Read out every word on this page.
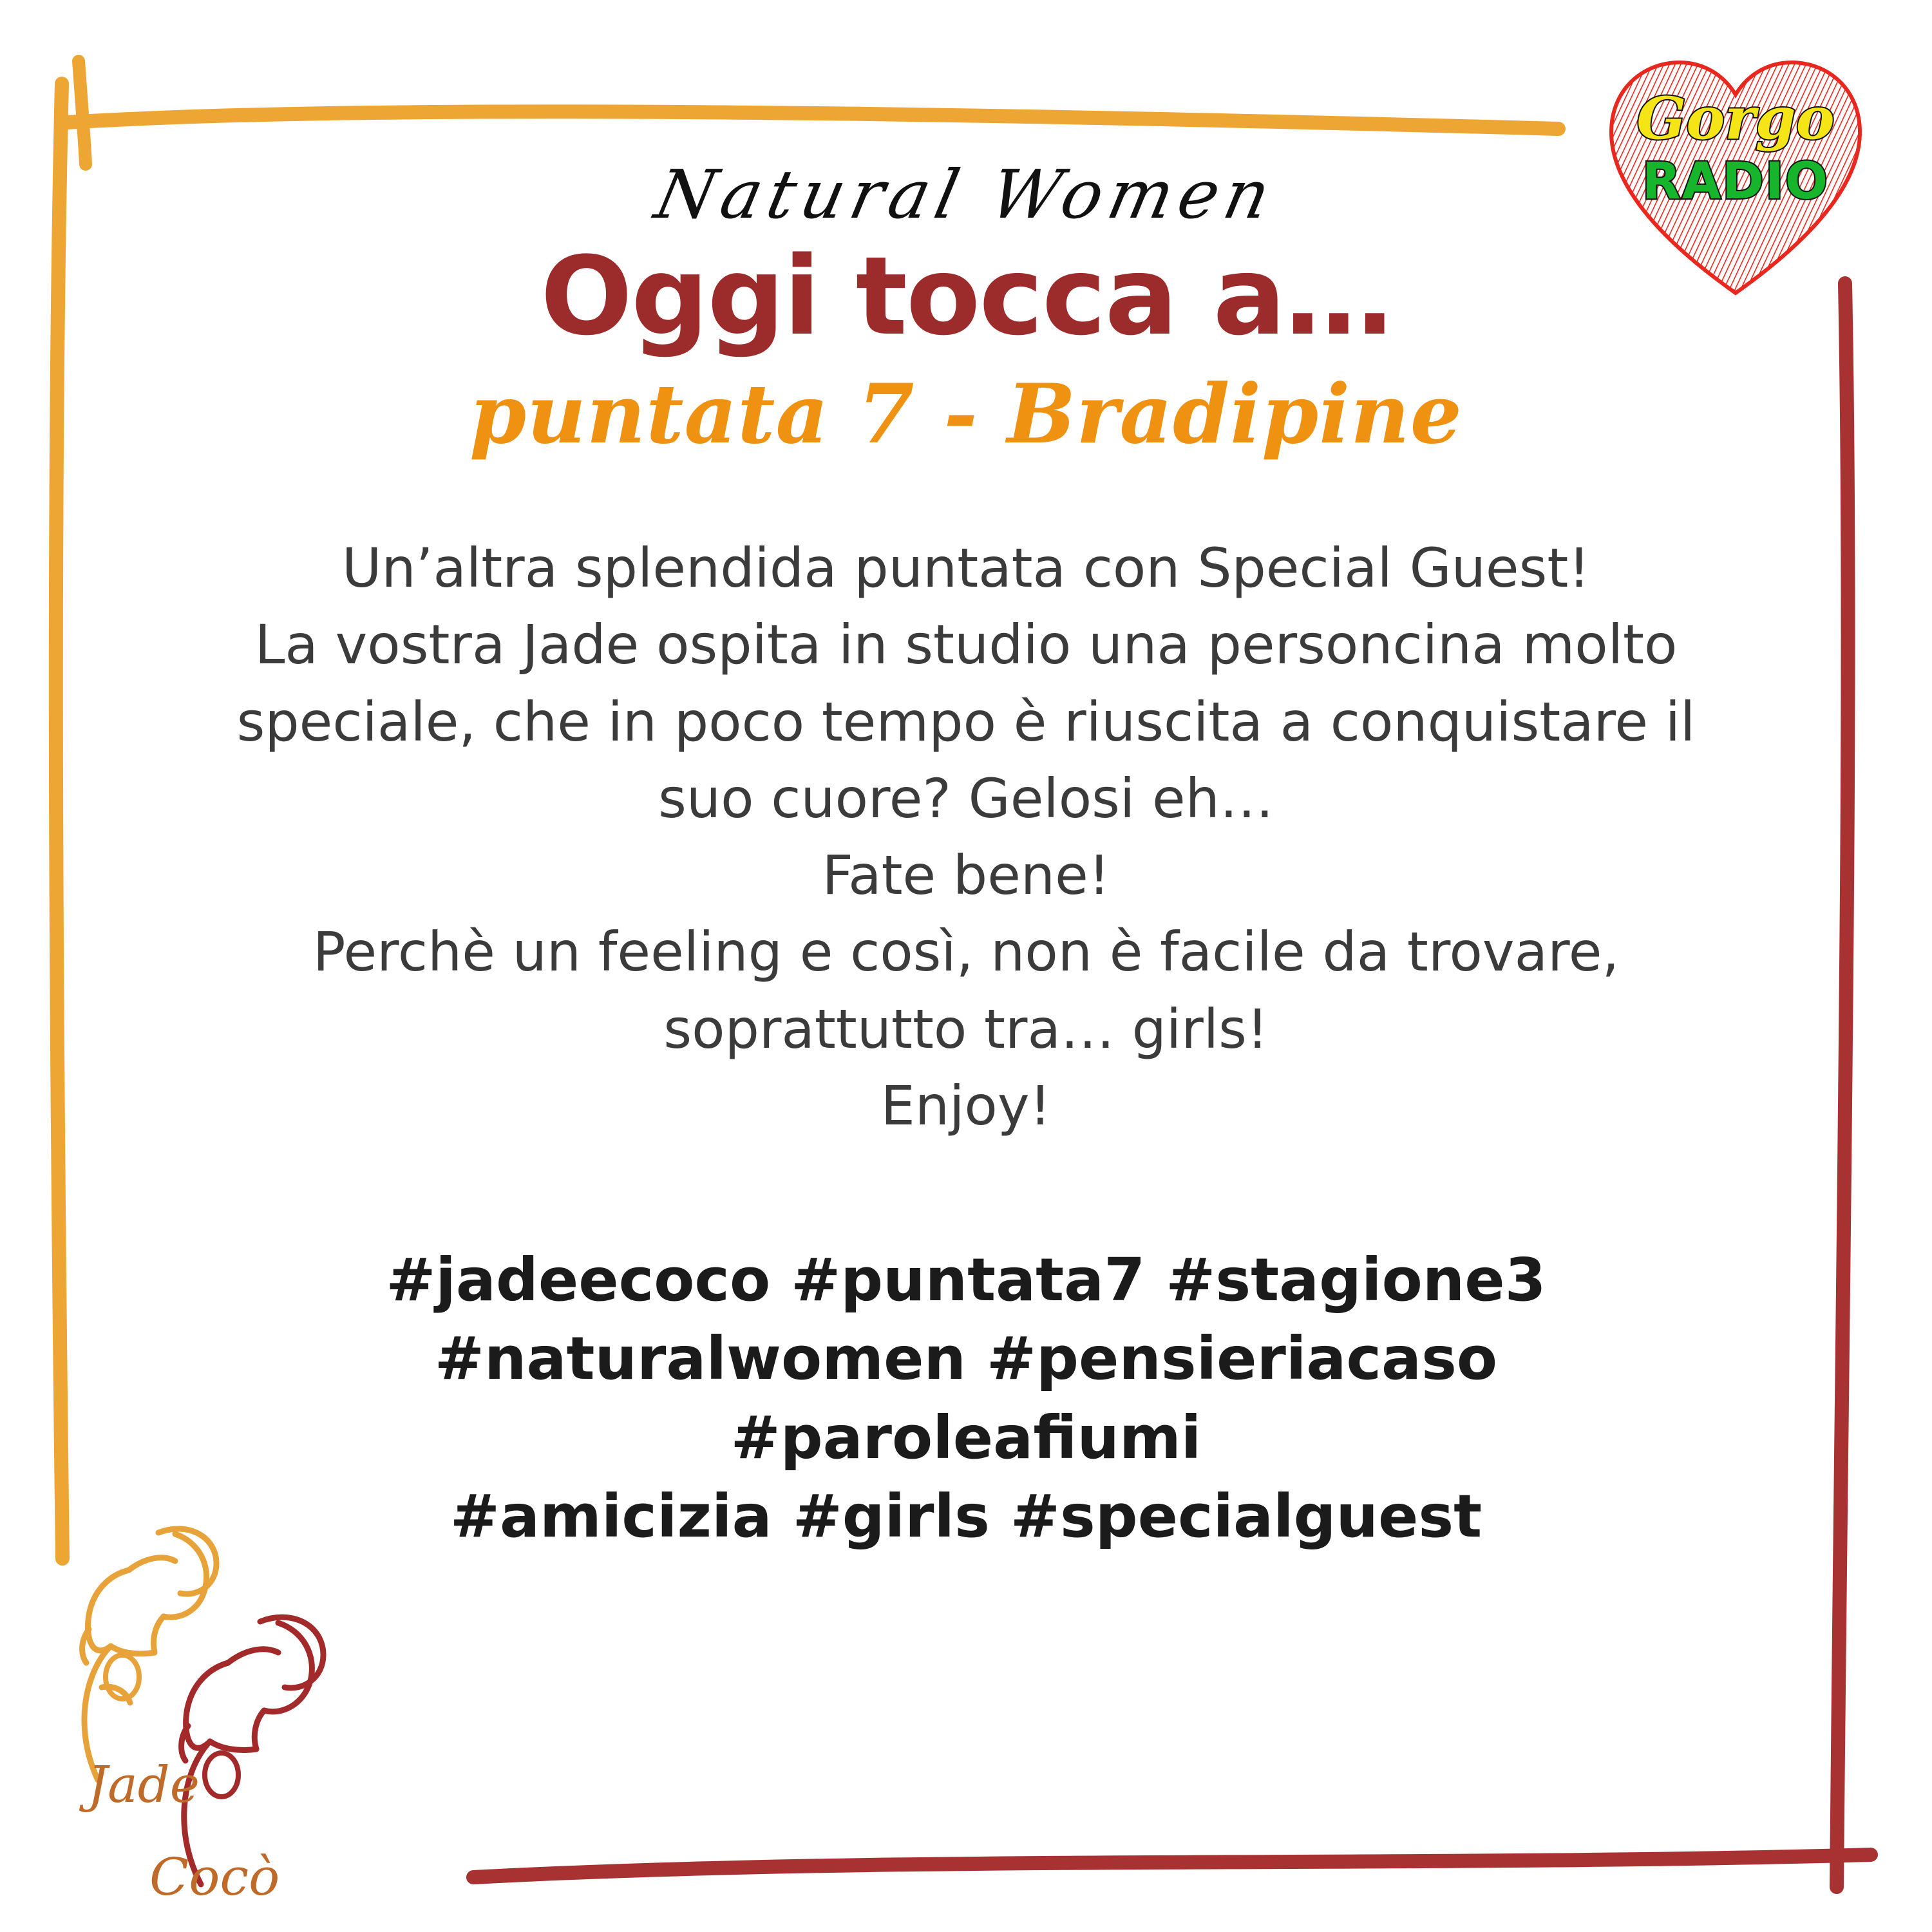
Gorgo
RADIO
Jade
Cocò
Natural Women
Oggi tocca a…
puntata 7 - Bradipine
Un’altra splendida puntata con Special Guest!
La vostra Jade ospita in studio una personcina molto
speciale, che in poco tempo è riuscita a conquistare il
suo cuore? Gelosi eh…
Fate bene!
Perchè un feeling e così, non è facile da trovare,
soprattutto tra… girls!
Enjoy!
#jadeecoco #puntata7 #stagione3
#naturalwomen #pensieriacaso
#paroleafiumi
#amicizia #girls #specialguest
